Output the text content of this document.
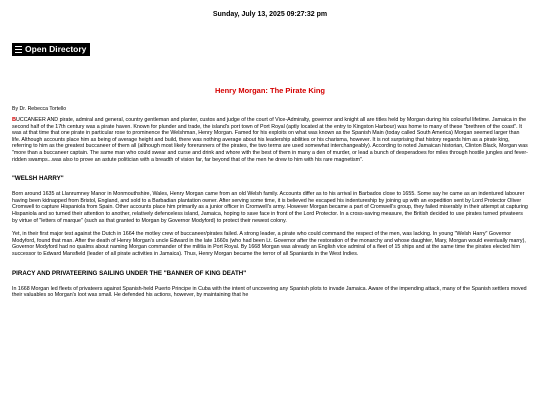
Sunday, July 13, 2025 09:27:32 pm
Open Directory
Henry Morgan: The Pirate King
By Dr. Rebecca Tortello

BUCCANEER AND pirate, admiral and general, country gentleman and planter, custos and judge of the court of Vice-Admiralty, governor and knight all are titles held by Morgan during his colourful lifetime. Jamaica in the second half of the 17th century was a pirate haven. Known for plunder and trade, the island's port town of Port Royal (aptly located at the entry to Kingston Harbour) was home to many of these "brethren of the coast". It was at that time that one pirate in particular rose to prominence the Welshman, Henry Morgan. Famed for his exploits on what was known as the Spanish Main (today called South America) Morgan seemed larger than life. Although accounts place him as being of average height and build, there was nothing average about his leadership abilities or his charisma, however. It is not surprising that history regards him as a pirate king, referring to him as the greatest buccaneer of them all (although most likely forerunners of the pirates, the two terms are used somewhat interchangeably). According to noted Jamaican historian, Clinton Black, Morgan was "more than a buccaneer captain. The same man who could swear and curse and drink and whore with the best of them in many a den of murder, or lead a bunch of desperadoes for miles through hostile jungles and fever-ridden swamps...was also to prove an astute politician with a breadth of vision far, far beyond that of the men he drew to him with his rare magnetism".

"WELSH HARRY"

Born around 1635 at Llanrumney Manor in Monmouthshire, Wales, Henry Morgan came from an old Welsh family. Accounts differ as to his arrival in Barbados close to 1655. Some say he came as an indentured labourer having been kidnapped from Bristol, England, and sold to a Barbadian plantation owner. After serving some time, it is believed he escaped his indentureship by joining up with an expedition sent by Lord Protector Oliver Cromwell to capture Hispaniola from Spain. Other accounts place him primarily as a junior officer in Cromwell's army. However Morgan became a part of Cromwell's group, they failed miserably in their attempt at capturing Hispaniola and so turned their attention to another, relatively defenceless island, Jamaica, hoping to save face in front of the Lord Protector. In a cross-saving measure, the British decided to use pirates turned privateers by virtue of "letters of marque" (such as that granted to Morgan by Governor Modyford) to protect their newest colony.

Yet, in their first major test against the Dutch in 1664 the motley crew of buccaneer/pirates failed. A strong leader, a pirate who could command the respect of the men, was lacking. In young "Welsh Harry" Governor Modyford, found that man. After the death of Henry Morgan's uncle Edward in the late 1660s (who had been Lt. Governor after the restoration of the monarchy and whose daughter, Mary, Morgan would eventually marry), Governor Modyford had no qualms about naming Morgan commander of the militia in Port Royal. By 1668 Morgan was already an English vice admiral of a fleet of 15 ships and at the same time the pirates elected him successor to Edward Mansfield (leader of all pirate activities in Jamaica). Thus, Henry Morgan became the terror of all Spaniards in the West Indies.

PIRACY AND PRIVATEERING SAILING UNDER THE "BANNER OF KING DEATH"

In 1668 Morgan led fleets of privateers against Spanish-held Puerto Principe in Cuba with the intent of uncovering any Spanish plots to invade Jamaica. Aware of the impending attack, many of the Spanish settlers moved their valuables so Morgan's loot was small. He defended his actions, however, by maintaining that he
